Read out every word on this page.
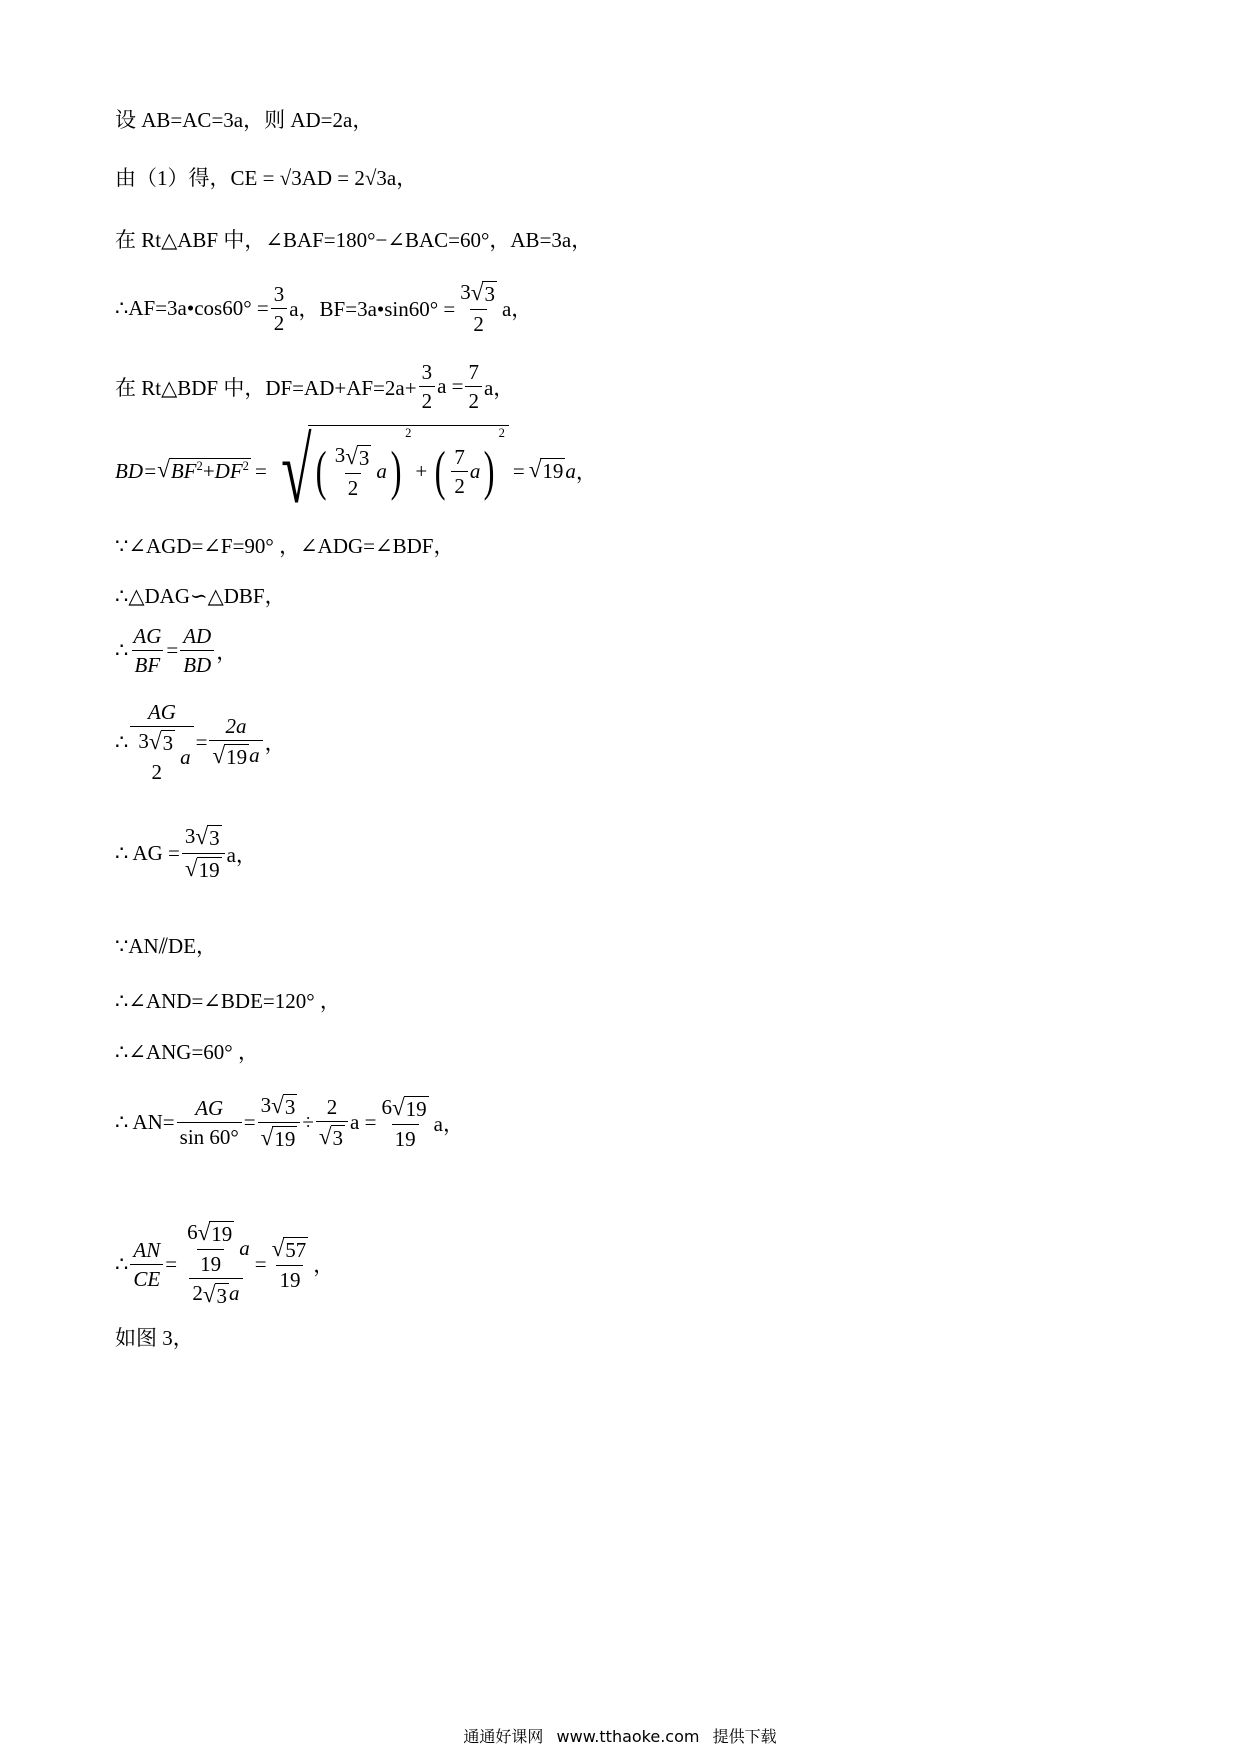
设 AB=AC=3a，则 AD=2a，
由（1）得， CE = √3AD = 2√3a，
在 Rt△ABF 中，∠BAF=180°−∠BAC=60°，AB=3a，
∴AF=3a•cos60° = $\frac{3}{2}$ a，BF=3a•sin60° = $\frac{3 √ 3}{2}$ a，
在 Rt△BDF 中，$DF=AD+AF=2a+ \frac{3}{2}$ $a = \frac{7}{2}$ a，
BD= √ $BF^2+DF^2$ = √ ( 3 √ 3
2
a )
2
+ ( 7
2
a )
2
= √ 19 a ，
∵∠AGD=∠F=90° ，∠ADG=∠BDF，
∴△DAG∽△DBF，
∴ $\frac{AG}{BF} = \frac{AD}{BD}$ ，
∴ AG
3 √ 3
2
$a = \frac{2a}{√ 19 a}$ ，
∴ AG = $\frac{3 √ 3}{√ 19}$ a，
∵AN⫽DE，
∴∠AND=∠BDE=120° ，
∴∠ANG=60° ，
∴ $AN= \frac{AG}{\sin 60^\circ} = \frac{3 √ 3}{√ 19} \div \frac{2}{√ 3}$ $a = \frac{6 √ 19}{19}$ a，
∴ $\frac{AN}{CE} = 6$ √ 19
19
a
2 √ 3 $a = \frac{√ 57}{19}$ ，
如图 3，
通通好课网 www.tthaoke.com 提供下载
